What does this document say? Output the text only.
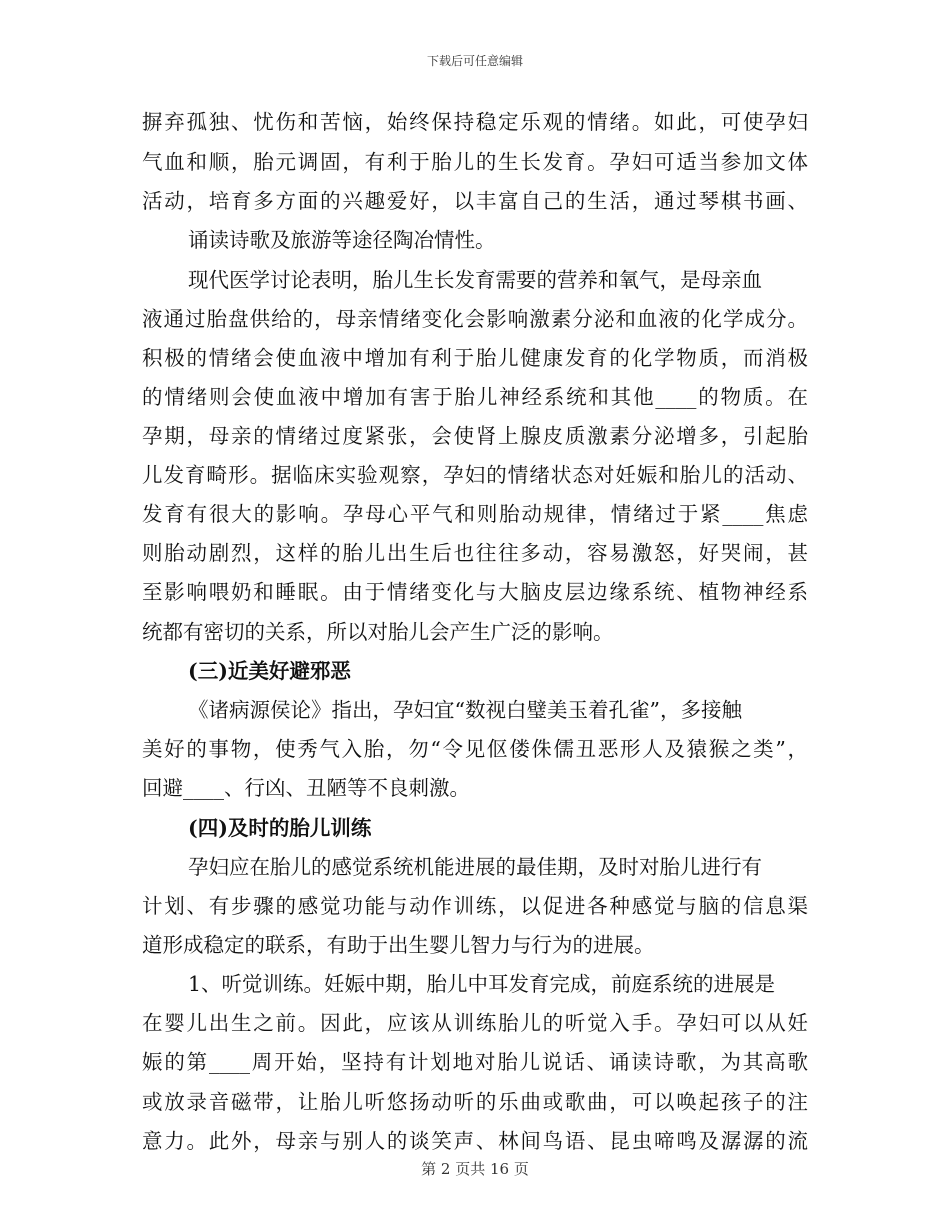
下载后可任意编辑
摒弃孤独、忧伤和苦恼，始终保持稳定乐观的情绪。如此，可使孕妇
气血和顺，胎元调固，有利于胎儿的生长发育。孕妇可适当参加文体
活动，培育多方面的兴趣爱好，以丰富自己的生活，通过琴棋书画、
诵读诗歌及旅游等途径陶冶情性。
现代医学讨论表明，胎儿生长发育需要的营养和氧气，是母亲血
液通过胎盘供给的，母亲情绪变化会影响激素分泌和血液的化学成分。
积极的情绪会使血液中增加有利于胎儿健康发育的化学物质，而消极
的情绪则会使血液中增加有害于胎儿神经系统和其他____的物质。在
孕期，母亲的情绪过度紧张，会使肾上腺皮质激素分泌增多，引起胎
儿发育畸形。据临床实验观察，孕妇的情绪状态对妊娠和胎儿的活动、
发育有很大的影响。孕母心平气和则胎动规律，情绪过于紧____焦虑
则胎动剧烈，这样的胎儿出生后也往往多动，容易激怒，好哭闹，甚
至影响喂奶和睡眠。由于情绪变化与大脑皮层边缘系统、植物神经系
统都有密切的关系，所以对胎儿会产生广泛的影响。
(三)近美好避邪恶
《诸病源侯论》指出，孕妇宜“数视白璧美玉着孔雀”，多接触
美好的事物，使秀气入胎，勿“令见伛偻侏儒丑恶形人及猿猴之类”，
回避____、行凶、丑陋等不良刺激。
(四)及时的胎儿训练
孕妇应在胎儿的感觉系统机能进展的最佳期，及时对胎儿进行有
计划、有步骤的感觉功能与动作训练，以促进各种感觉与脑的信息渠
道形成稳定的联系，有助于出生婴儿智力与行为的进展。
1、听觉训练。妊娠中期，胎儿中耳发育完成，前庭系统的进展是
在婴儿出生之前。因此，应该从训练胎儿的听觉入手。孕妇可以从妊
娠的第____周开始，坚持有计划地对胎儿说话、诵读诗歌，为其高歌
或放录音磁带，让胎儿听悠扬动听的乐曲或歌曲，可以唤起孩子的注
意力。此外，母亲与别人的谈笑声、林间鸟语、昆虫啼鸣及潺潺的流
第 2 页共 16 页
